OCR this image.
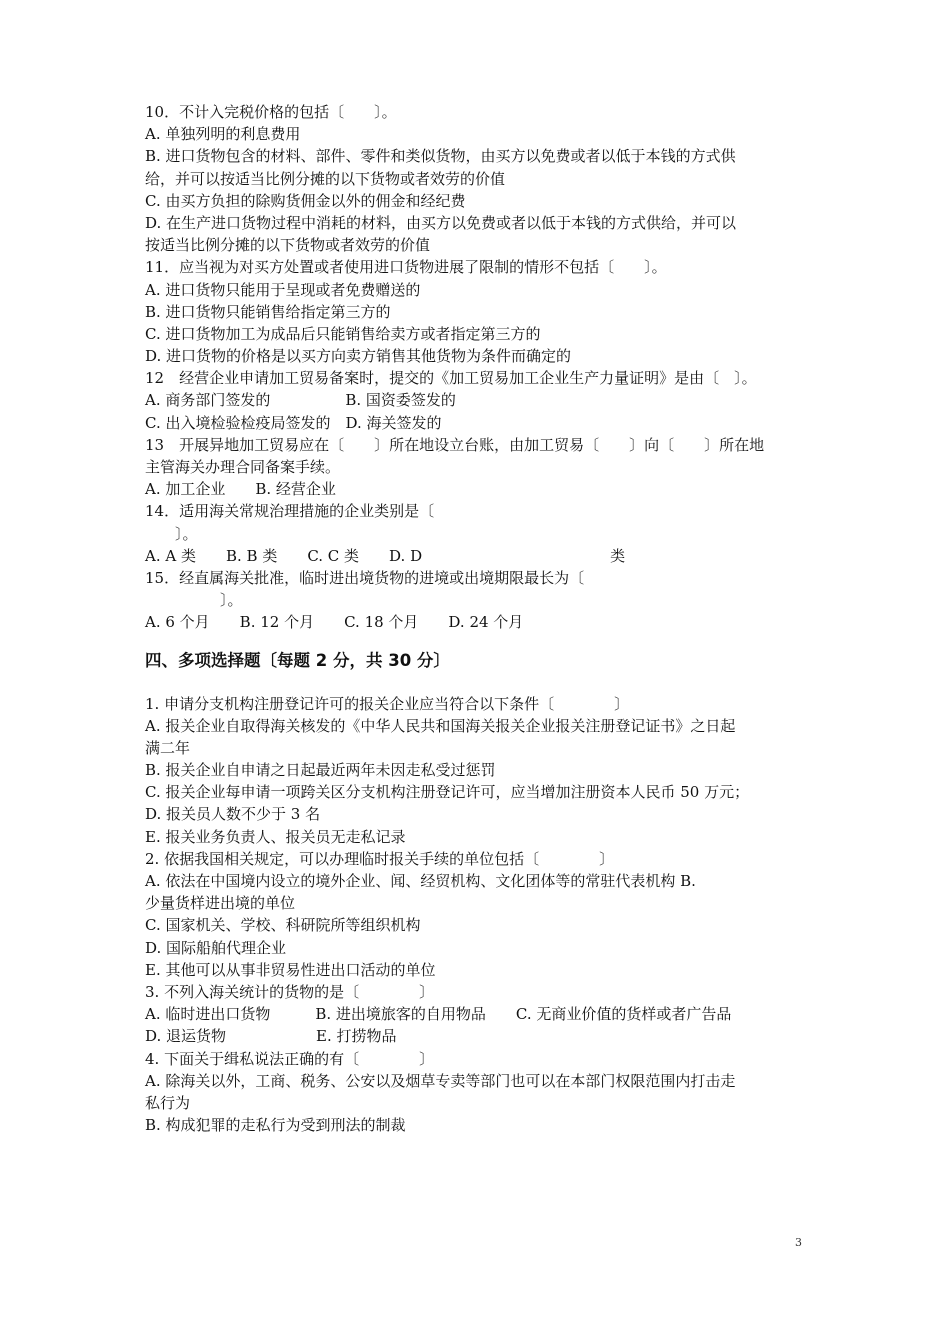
10．不计入完税价格的包括〔　　〕。
A. 单独列明的利息费用
B. 进口货物包含的材料、部件、零件和类似货物，由买方以免费或者以低于本钱的方式供
给，并可以按适当比例分摊的以下货物或者效劳的价值
C. 由买方负担的除购货佣金以外的佣金和经纪费
D. 在生产进口货物过程中消耗的材料，由买方以免费或者以低于本钱的方式供给，并可以
按适当比例分摊的以下货物或者效劳的价值
11．应当视为对买方处置或者使用进口货物进展了限制的情形不包括〔　　〕。
A. 进口货物只能用于呈现或者免费赠送的
B. 进口货物只能销售给指定第三方的
C. 进口货物加工为成品后只能销售给卖方或者指定第三方的
D. 进口货物的价格是以买方向卖方销售其他货物为条件而确定的
12　经营企业申请加工贸易备案时，提交的《加工贸易加工企业生产力量证明》是由〔　〕。
A. 商务部门签发的　　　　　B. 国资委签发的
C. 出入境检验检疫局签发的　D. 海关签发的
13　开展异地加工贸易应在〔　　〕所在地设立台账，由加工贸易〔　　〕向〔　　〕所在地
主管海关办理合同备案手续。
A. 加工企业　　B. 经营企业
14．适用海关常规治理措施的企业类别是〔
　　〕。
A. A 类　　B. B 类　　C. C 类　　D. D	类
15．经直属海关批准，临时进出境货物的进境或出境期限最长为〔
　　　　　〕。
A. 6 个月　　B. 12 个月　　C. 18 个月　　D. 24 个月
四、多项选择题〔每题 2 分，共 30 分〕
1. 申请分支机构注册登记许可的报关企业应当符合以下条件〔　　　　〕
A. 报关企业自取得海关核发的《中华人民共和国海关报关企业报关注册登记证书》之日起
满二年
B. 报关企业自申请之日起最近两年未因走私受过惩罚
C. 报关企业每申请一项跨关区分支机构注册登记许可，应当增加注册资本人民币 50 万元；
D. 报关员人数不少于 3 名
E. 报关业务负责人、报关员无走私记录
2. 依据我国相关规定，可以办理临时报关手续的单位包括〔　　　　〕
A. 依法在中国境内设立的境外企业、闻、经贸机构、文化团体等的常驻代表机构 B.
少量货样进出境的单位
C. 国家机关、学校、科研院所等组织机构
D. 国际船舶代理企业
E. 其他可以从事非贸易性进出口活动的单位
3. 不列入海关统计的货物的是〔　　　　〕
A. 临时进出口货物　　　B. 进出境旅客的自用物品　　C. 无商业价值的货样或者广告品
D. 退运货物　　　　　　E. 打捞物品
4. 下面关于缉私说法正确的有〔　　　　〕
A. 除海关以外，工商、税务、公安以及烟草专卖等部门也可以在本部门权限范围内打击走
私行为
B. 构成犯罪的走私行为受到刑法的制裁
3
